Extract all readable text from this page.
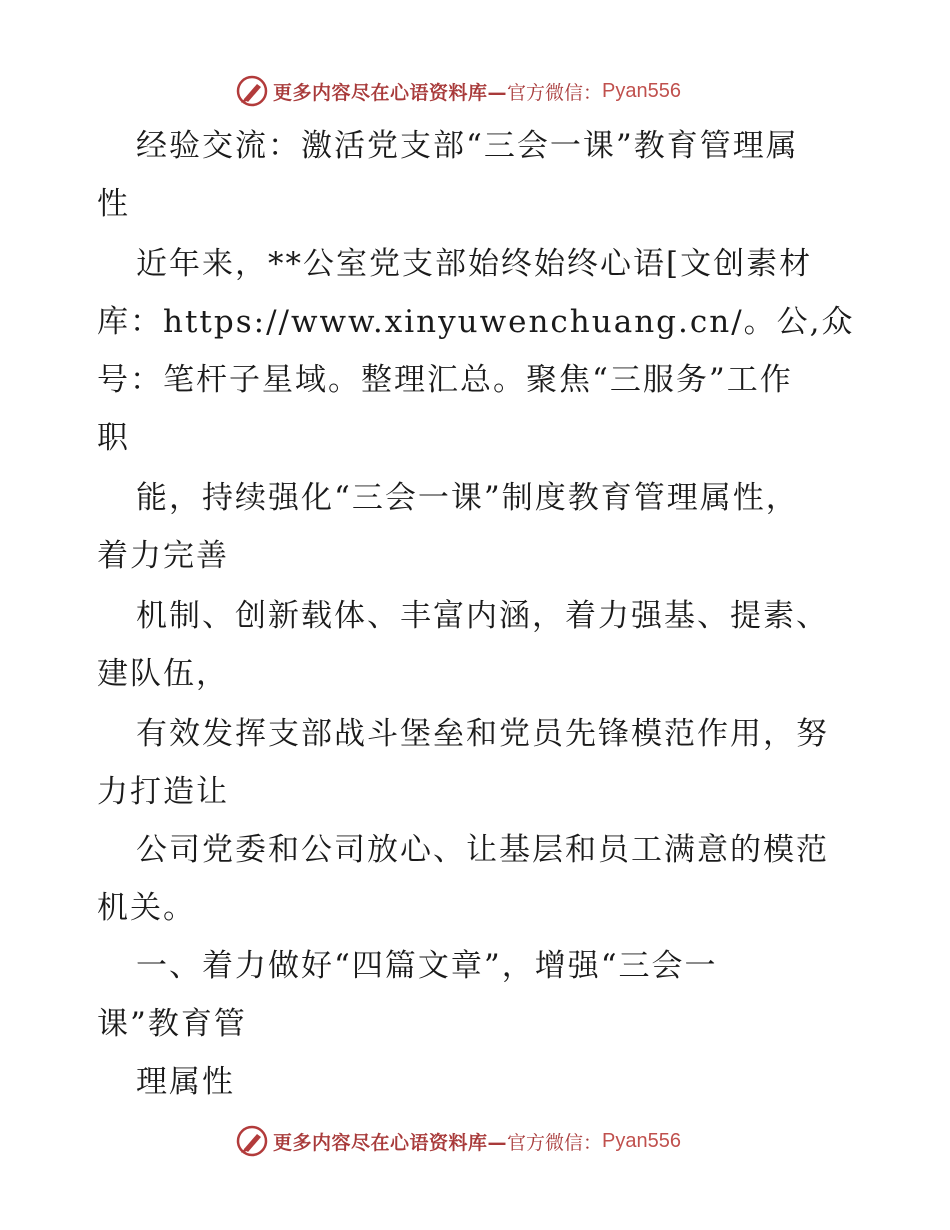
更多内容尽在心语资料库— 官方微信： Pyan556
经验交流：激活党支部“三会一课”教育管理属
性
近年来，**公室党支部始终始终心语[文创素材
库：https://www.xinyuwenchuang.cn/。公,众
号：笔杆子星域。整理汇总。聚焦“三服务”工作
职
能，持续强化“三会一课”制度教育管理属性，
着力完善
机制、创新载体、丰富内涵，着力强基、提素、
建队伍，
有效发挥支部战斗堡垒和党员先锋模范作用，努
力打造让
公司党委和公司放心、让基层和员工满意的模范
机关。
一、着力做好“四篇文章”，增强“三会一
课”教育管
理属性
更多内容尽在心语资料库— 官方微信： Pyan556
